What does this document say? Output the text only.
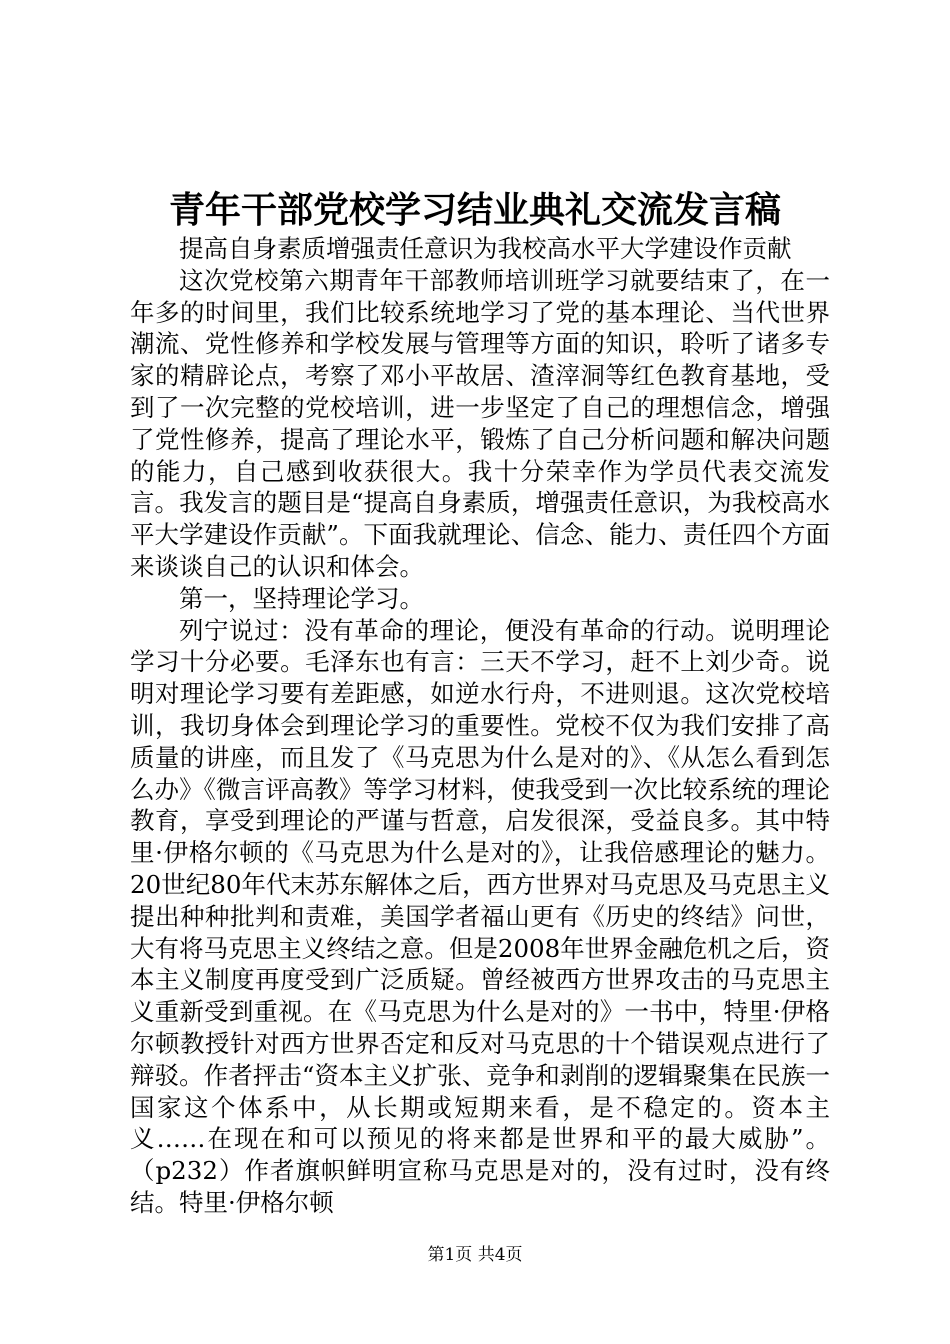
青年干部党校学习结业典礼交流发言稿

提高自身素质增强责任意识为我校高水平大学建设作贡献

这次党校第六期青年干部教师培训班学习就要结束了，在一年多的时间里，我们比较系统地学习了党的基本理论、当代世界潮流、党性修养和学校发展与管理等方面的知识，聆听了诸多专家的精辟论点，考察了邓小平故居、渣滓洞等红色教育基地，受到了一次完整的党校培训，进一步坚定了自己的理想信念，增强了党性修养，提高了理论水平，锻炼了自己分析问题和解决问题的能力，自己感到收获很大。我十分荣幸作为学员代表交流发言。我发言的题目是“提高自身素质，增强责任意识，为我校高水平大学建设作贡献”。下面我就理论、信念、能力、责任四个方面来谈谈自己的认识和体会。

第一，坚持理论学习。

列宁说过：没有革命的理论，便没有革命的行动。说明理论学习十分必要。毛泽东也有言：三天不学习，赶不上刘少奇。说明对理论学习要有差距感，如逆水行舟，不进则退。这次党校培训，我切身体会到理论学习的重要性。党校不仅为我们安排了高质量的讲座，而且发了《马克思为什么是对的》、《从怎么看到怎么办》《微言评高教》等学习材料，使我受到一次比较系统的理论教育，享受到理论的严谨与哲意，启发很深，受益良多。其中特里·伊格尔顿的《马克思为什么是对的》，让我倍感理论的魅力。20世纪80年代末苏东解体之后，西方世界对马克思及马克思主义提出种种批判和责难，美国学者福山更有《历史的终结》问世，大有将马克思主义终结之意。但是2008年世界金融危机之后，资本主义制度再度受到广泛质疑。曾经被西方世界攻击的马克思主义重新受到重视。在《马克思为什么是对的》一书中，特里·伊格尔顿教授针对西方世界否定和反对马克思的十个错误观点进行了辩驳。作者抨击“资本主义扩张、竞争和剥削的逻辑聚集在民族一国家这个体系中，从长期或短期来看，是不稳定的。资本主义……在现在和可以预见的将来都是世界和平的最大威胁”。（p232）作者旗帜鲜明宣称马克思是对的，没有过时，没有终结。特里·伊格尔顿

第1页 共4页
